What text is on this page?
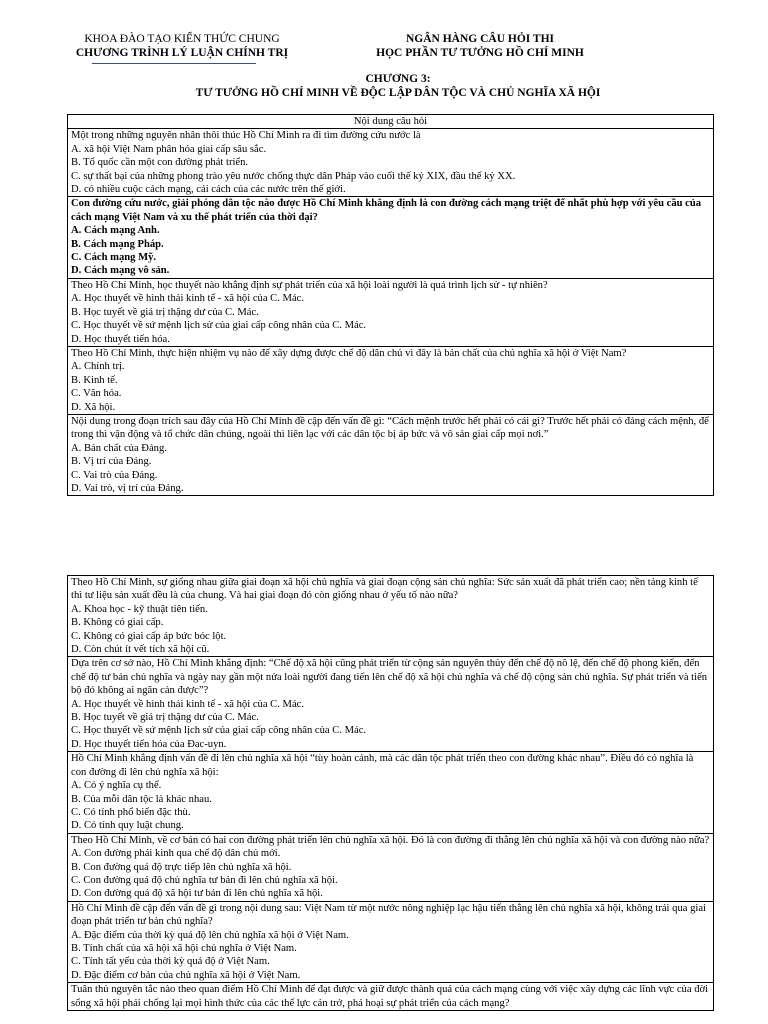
KHOA ĐÀO TẠO KIẾN THỨC CHUNG
CHƯƠNG TRÌNH LÝ LUẬN CHÍNH TRỊ
NGÂN HÀNG CÂU HỎI THI
HỌC PHẦN TƯ TƯỞNG HỒ CHÍ MINH
CHƯƠNG 3:
TƯ TƯỞNG HỒ CHÍ MINH VỀ ĐỘC LẬP DÂN TỘC VÀ CHỦ NGHĨA XÃ HỘI
Nội dung câu hỏi

Một trong những nguyên nhân thôi thúc Hồ Chí Minh ra đi tìm đường cứu nước là
A. xã hội Việt Nam phân hóa giai cấp sâu sắc.
B. Tổ quốc cần một con đường phát triển.
C. sự thất bại của những phong trào yêu nước chống thực dân Pháp vào cuối thế kỷ XIX, đầu thế kỷ XX.
D. có nhiều cuộc cách mạng, cải cách của các nước trên thế giới.

Con đường cứu nước, giải phóng dân tộc nào được Hồ Chí Minh khẳng định là con đường cách mạng triệt để nhất phù hợp với yêu cầu của cách mạng Việt Nam và xu thế phát triển của thời đại?
A. Cách mạng Anh.
B. Cách mạng Pháp.
C. Cách mạng Mỹ.
D. Cách mạng vô sản.

Theo Hồ Chí Minh, học thuyết nào khẳng định sự phát triển của xã hội loài người là quá trình lịch sử - tự nhiên?
A. Học thuyết về hình thái kinh tế - xã hội của C. Mác.
B. Học tuyết về giá trị thặng dư của C. Mác.
C. Học thuyết về sứ mệnh lịch sử của giai cấp công nhân của C. Mác.
D. Học thuyết tiến hóa.

Theo Hồ Chí Minh, thực hiện nhiệm vụ nào để xây dựng được chế độ dân chủ vì đây là bản chất của chủ nghĩa xã hội ở Việt Nam?
A. Chính trị.
B. Kinh tế.
C. Văn hóa.
D. Xã hội.

Nội dung trong đoạn trích sau đây của Hồ Chí Minh đề cập đến vấn đề gì: “Cách mệnh trước hết phải có cái gì? Trước hết phải có đảng cách mệnh, để trong thì vận động và tổ chức dân chúng, ngoài thì liên lạc với các dân tộc bị áp bức và vô sản giai cấp mọi nơi.”
A. Bản chất của Đảng.
B. Vị trí của Đảng.
C. Vai trò của Đảng.
D. Vai trò, vị trí của Đảng.
Theo Hồ Chí Minh, sự giống nhau giữa giai đoạn xã hội chủ nghĩa và giai đoạn cộng sản chủ nghĩa: Sức sản xuất đã phát triển cao; nền tảng kinh tế thì tư liệu sản xuất đều là của chung. Và hai giai đoạn đó còn giống nhau ở yếu tố nào nữa?
A. Khoa học - kỹ thuật tiên tiến.
B. Không có giai cấp.
C. Không có giai cấp áp bức bóc lột.
D. Còn chút ít vết tích xã hội cũ.

Dựa trên cơ sở nào, Hồ Chí Minh khẳng định: “Chế độ xã hội cũng phát triển từ cộng sản nguyên thủy đến chế độ nô lệ, đến chế độ phong kiến, đến chế độ tư bản chủ nghĩa và ngày nay gần một nửa loài người đang tiến lên chế độ xã hội chủ nghĩa và chế độ cộng sản chủ nghĩa. Sự phát triển và tiến bộ đó không ai ngăn cản được”?
A. Học thuyết về hình thái kinh tế - xã hội của C. Mác.
B. Học tuyết về giá trị thặng dư của C. Mác.
C. Học thuyết về sứ mệnh lịch sử của giai cấp công nhân của C. Mác.
D. Học thuyết tiến hóa của Đac-uyn.

Hồ Chí Minh khẳng định vấn đề đi lên chủ nghĩa xã hội “tùy hoàn cảnh, mà các dân tộc phát triển theo con đường khác nhau”. Điều đó có nghĩa là con đường đi lên chủ nghĩa xã hội:
A. Có ý nghĩa cụ thể.
B. Của mỗi dân tộc là khác nhau.
C. Có tính phổ biến đặc thù.
D. Có tính quy luật chung.

Theo Hồ Chí Minh, về cơ bản có hai con đường phát triển lên chủ nghĩa xã hội. Đó là con đường đi thẳng lên chủ nghĩa xã hội và con đường nào nữa?
A. Con đường phải kinh qua chế độ dân chủ mới.
B. Con đường quá độ trực tiếp lên chủ nghĩa xã hội.
C. Con đường quá độ chủ nghĩa tư bản đi lên chủ nghĩa xã hội.
D. Con đường quá độ xã hội tư bản đi lên chủ nghĩa xã hội.

Hồ Chí Minh đề cập đến vấn đề gì trong nội dung sau: Việt Nam từ một nước nông nghiệp lạc hậu tiến thẳng lên chủ nghĩa xã hội, không trải qua giai đoạn phát triển tư bản chủ nghĩa?
A. Đặc điểm của thời kỳ quá độ lên chủ nghĩa xã hội ở Việt Nam.
B. Tính chất của xã hội xã hội chủ nghĩa ở Việt Nam.
C. Tính tất yếu của thời kỳ quá độ ở Việt Nam.
D. Đặc điểm cơ bản của chủ nghĩa xã hội ở Việt Nam.

Tuân thủ nguyên tắc nào theo quan điểm Hồ Chí Minh để đạt được và giữ được thành quả của cách mạng cùng với việc xây dựng các lĩnh vực của đời sống xã hội phải chống lại mọi hình thức của các thế lực cản trở, phá hoại sự phát triển của cách mạng?
